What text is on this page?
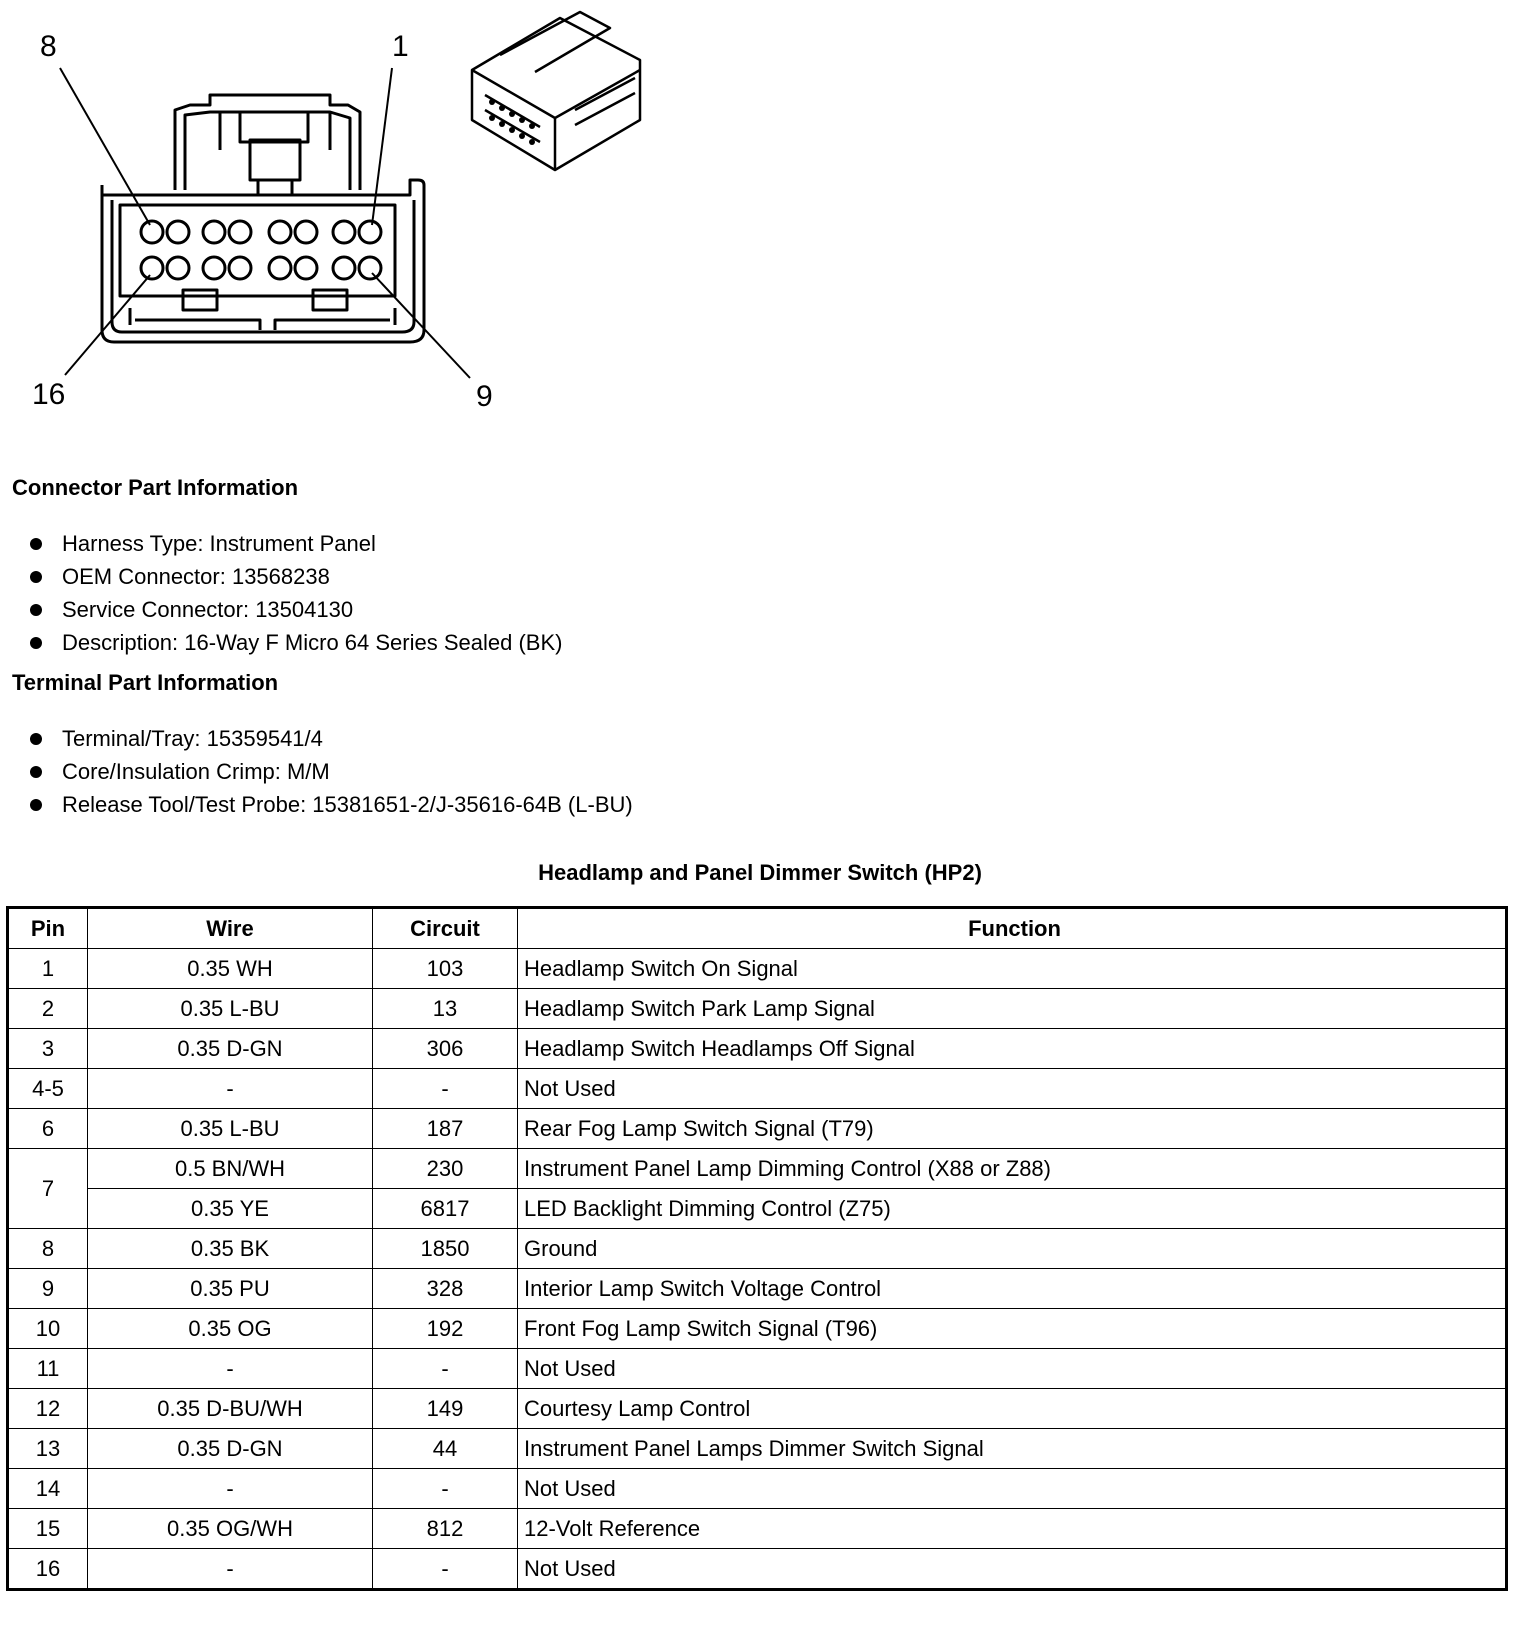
8	1
16	9
Connector Part Information
Harness Type: Instrument Panel
OEM Connector: 13568238
Service Connector: 13504130
Description: 16-Way F Micro 64 Series Sealed (BK)
Terminal Part Information
Terminal/Tray: 15359541/4
Core/Insulation Crimp: M/M
Release Tool/Test Probe: 15381651-2/J-35616-64B (L-BU)
Headlamp and Panel Dimmer Switch (HP2)
Pin	Wire	Circuit	Function
1	0.35 WH	103	Headlamp Switch On Signal
2	0.35 L-BU	13	Headlamp Switch Park Lamp Signal
3	0.35 D-GN	306	Headlamp Switch Headlamps Off Signal
4-5	-	-	Not Used
6	0.35 L-BU	187	Rear Fog Lamp Switch Signal (T79)
7	0.5 BN/WH	230	Instrument Panel Lamp Dimming Control (X88 or Z88)
	0.35 YE	6817	LED Backlight Dimming Control (Z75)
8	0.35 BK	1850	Ground
9	0.35 PU	328	Interior Lamp Switch Voltage Control
10	0.35 OG	192	Front Fog Lamp Switch Signal (T96)
11	-	-	Not Used
12	0.35 D-BU/WH	149	Courtesy Lamp Control
13	0.35 D-GN	44	Instrument Panel Lamps Dimmer Switch Signal
14	-	-	Not Used
15	0.35 OG/WH	812	12-Volt Reference
16	-	-	Not Used
